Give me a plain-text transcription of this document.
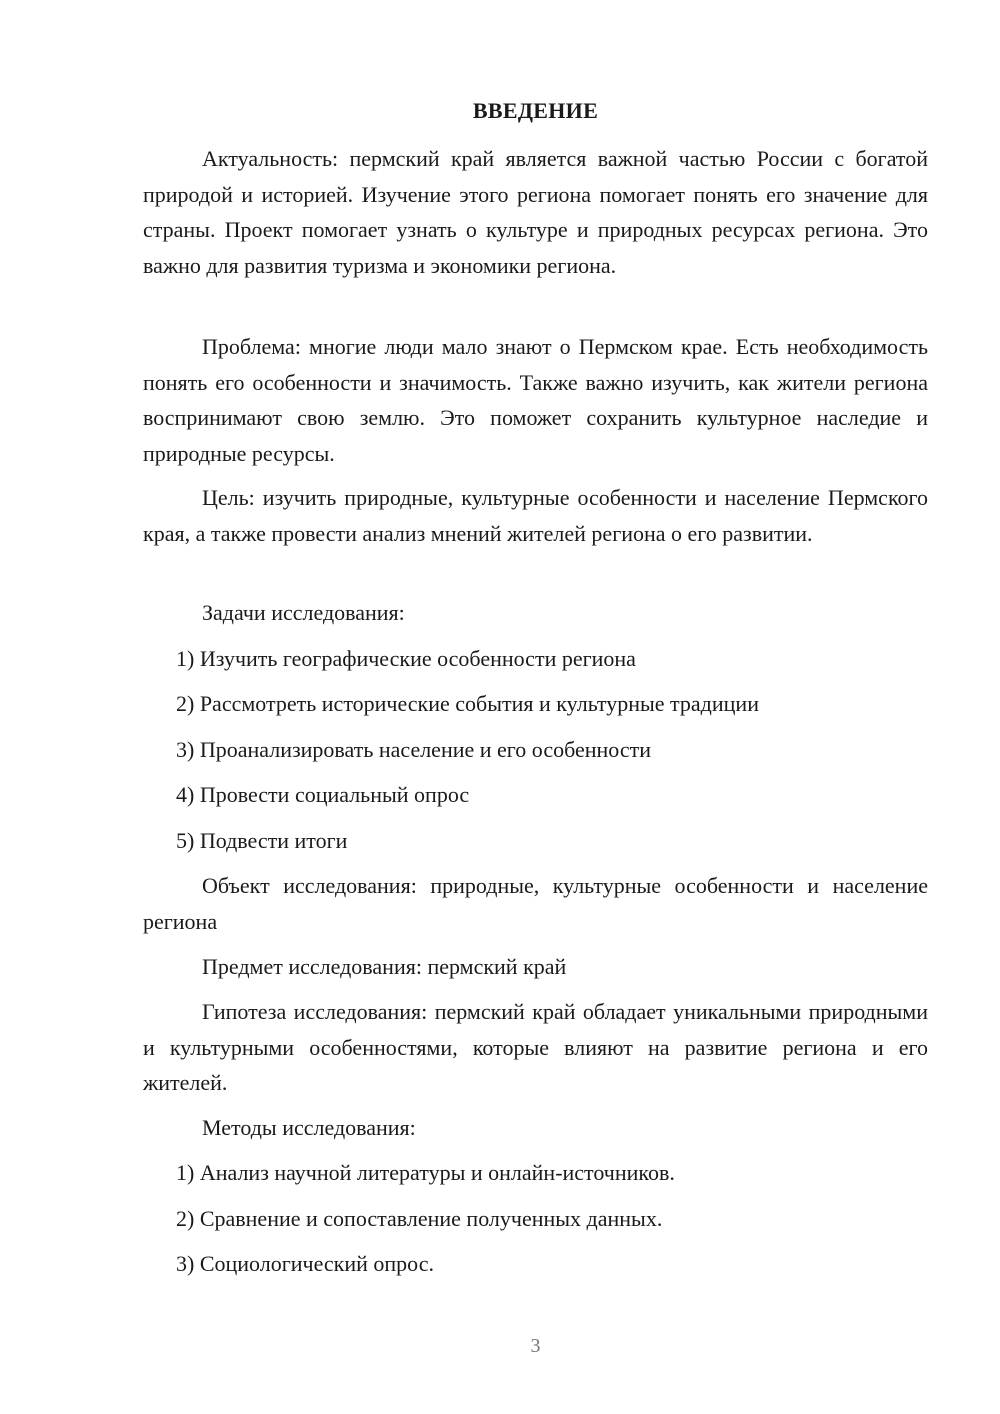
ВВЕДЕНИЕ

Актуальность: пермский край является важной частью России с богатой природой и историей. Изучение этого региона помогает понять его значение для страны. Проект помогает узнать о культуре и природных ресурсах региона. Это важно для развития туризма и экономики региона.

Проблема: многие люди мало знают о Пермском крае. Есть необходимость понять его особенности и значимость. Также важно изучить, как жители региона воспринимают свою землю. Это поможет сохранить культурное наследие и природные ресурсы.

Цель: изучить природные, культурные особенности и население Пермского края, а также провести анализ мнений жителей региона о его развитии.

Задачи исследования:

1) Изучить географические особенности региона

2) Рассмотреть исторические события и культурные традиции

3) Проанализировать население и его особенности

4) Провести социальный опрос

5) Подвести итоги

Объект исследования: природные, культурные особенности и население региона

Предмет исследования: пермский край

Гипотеза исследования: пермский край обладает уникальными природными и культурными особенностями, которые влияют на развитие региона и его жителей.

Методы исследования:

1) Анализ научной литературы и онлайн-источников.

2) Сравнение и сопоставление полученных данных.

3) Социологический опрос.

3
